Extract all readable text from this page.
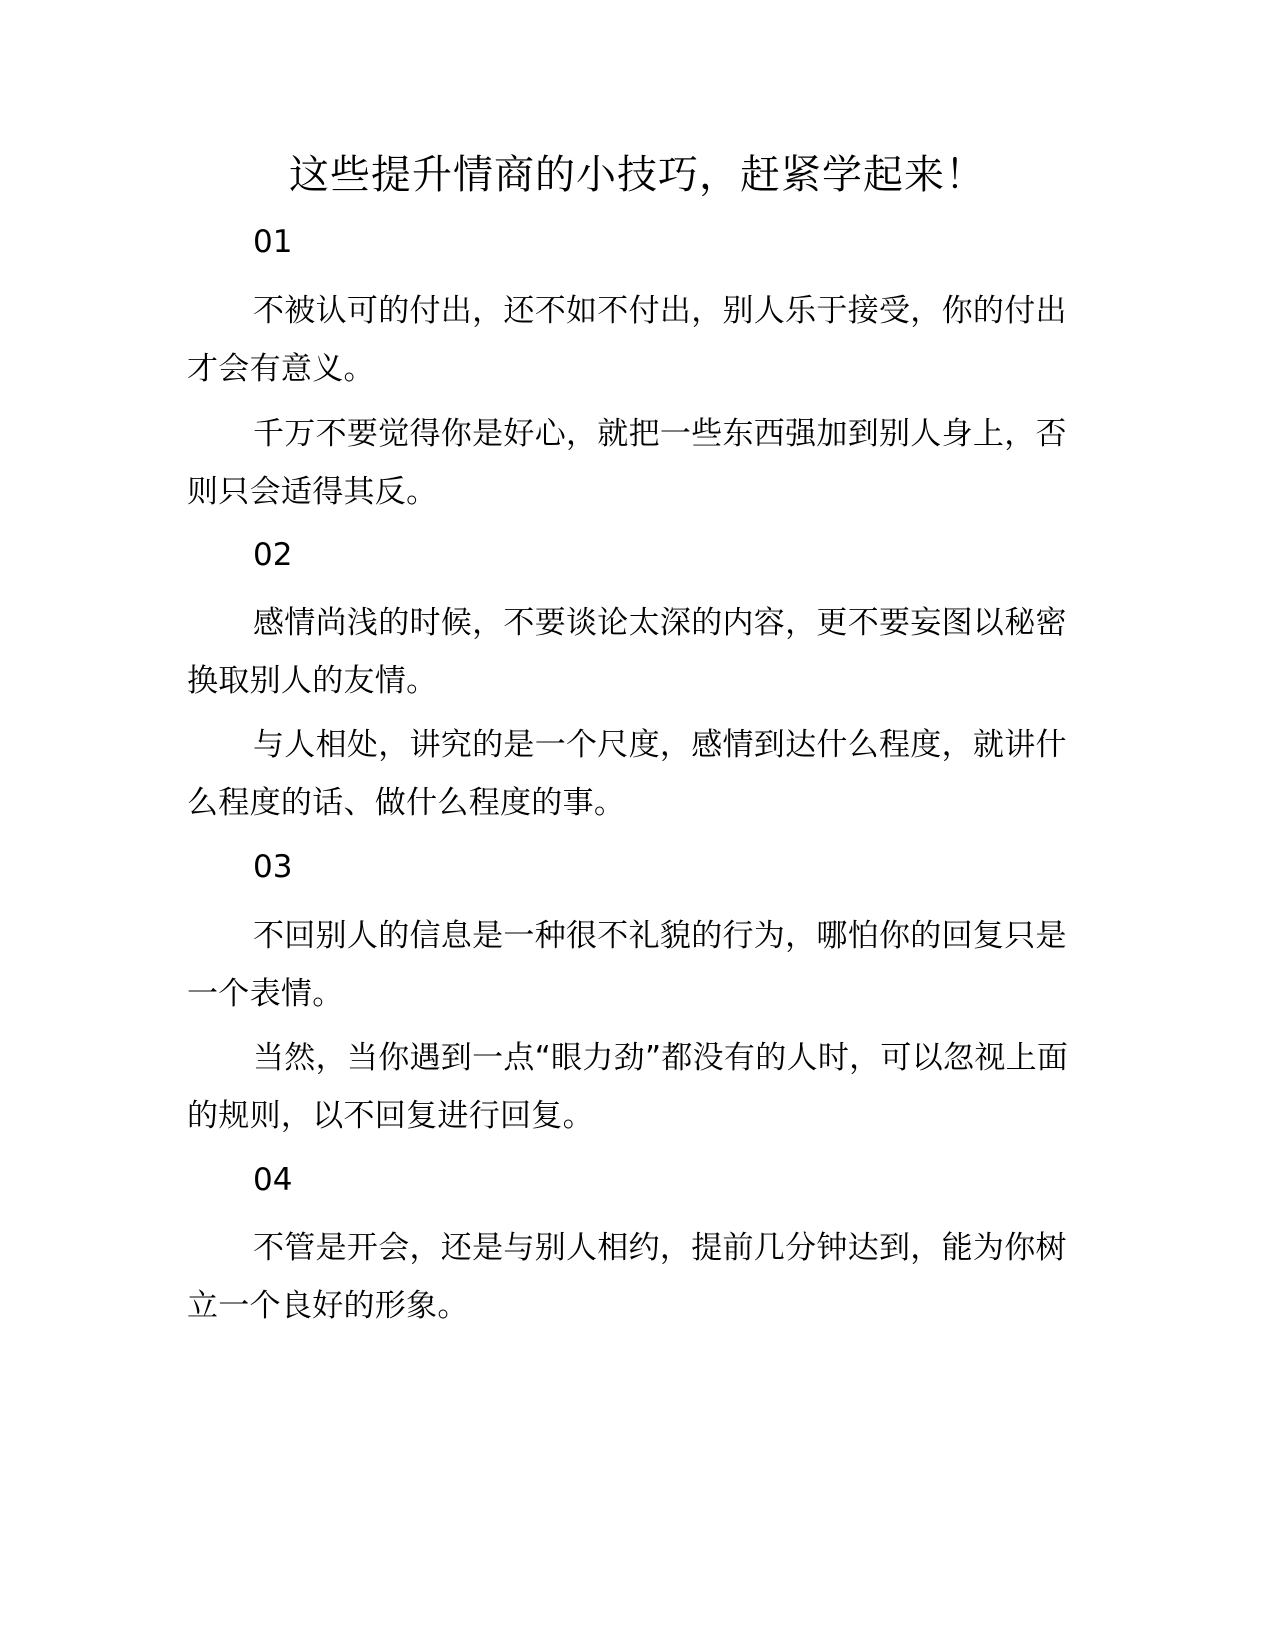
这些提升情商的小技巧，赶紧学起来！
01

不被认可的付出，还不如不付出，别人乐于接受，你的付出才会有意义。

千万不要觉得你是好心，就把一些东西强加到别人身上，否则只会适得其反。

02

感情尚浅的时候，不要谈论太深的内容，更不要妄图以秘密换取别人的友情。

与人相处，讲究的是一个尺度，感情到达什么程度，就讲什么程度的话、做什么程度的事。

03

不回别人的信息是一种很不礼貌的行为，哪怕你的回复只是一个表情。

当然，当你遇到一点“眼力劲”都没有的人时，可以忽视上面的规则，以不回复进行回复。

04

不管是开会，还是与别人相约，提前几分钟达到，能为你树立一个良好的形象。
